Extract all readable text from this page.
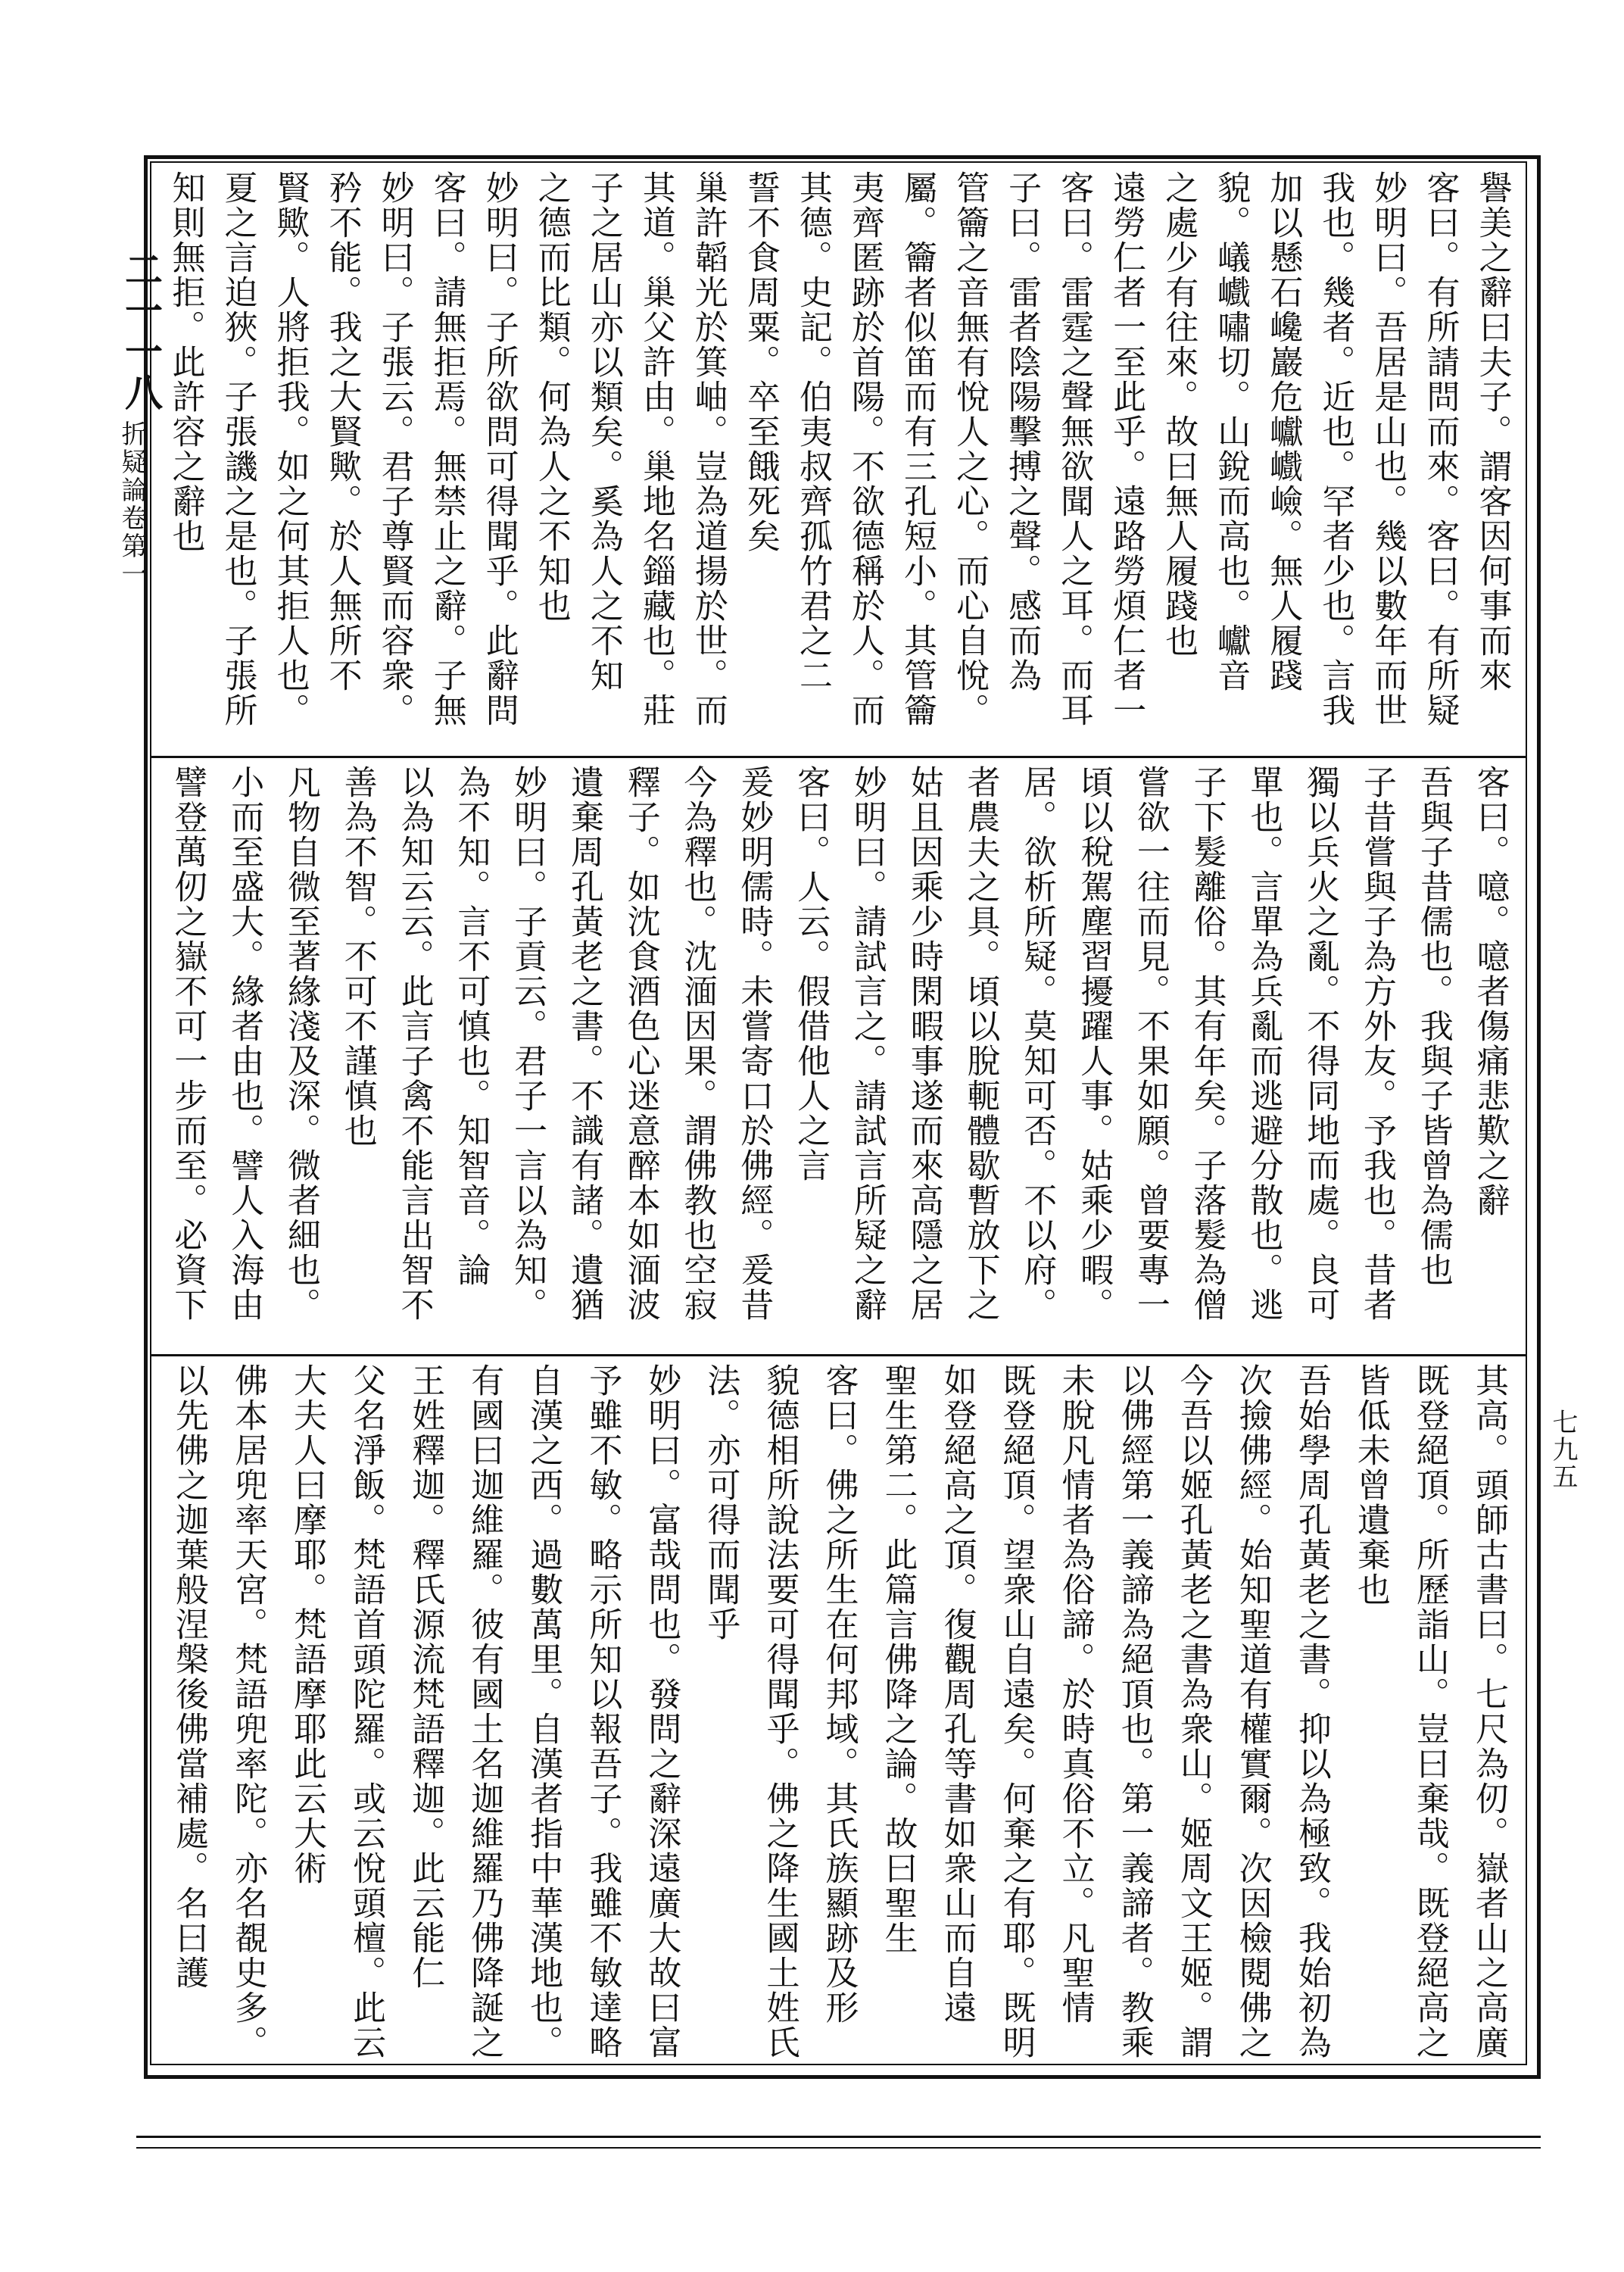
二一一八
折疑論卷第一
七九五
譽美之辭曰夫子。謂客因何事而來
客曰。有所請問而來。客曰。有所疑
妙明曰。吾居是山也。幾以數年而世
我也。幾者。近也。罕者少也。言我
加以懸石巉巖危巘巇嶮。無人履踐
貌。嶬巇嘯切。山銳而高也。巘音
之處少有往來。故曰無人履踐也
遠勞仁者一至此乎。遠路勞煩仁者一
客曰。雷霆之聲無欲聞人之耳。而耳
子曰。雷者陰陽擊搏之聲。感而為
管籥之音無有悅人之心。而心自悅。
屬。籥者似笛而有三孔短小。其管籥
夷齊匿跡於首陽。不欲德稱於人。而
其德。史記。伯夷叔齊孤竹君之二
誓不食周粟。卒至餓死矣
巢許韜光於箕岫。豈為道揚於世。而
其道。巢父許由。巢地名錙藏也。莊
子之居山亦以類矣。奚為人之不知
之德而比類。何為人之不知也
妙明曰。子所欲問可得聞乎。此辭問
客曰。請無拒焉。無禁止之辭。子無
妙明曰。子張云。君子尊賢而容衆。
矜不能。我之大賢歟。於人無所不
賢歟。人將拒我。如之何其拒人也。
夏之言迫狹。子張譏之是也。子張所
知則無拒。此許容之辭也
客曰。噫。噫者傷痛悲歎之辭
吾與子昔儒也。我與子皆曾為儒也
子昔嘗與子為方外友。予我也。昔者
獨以兵火之亂。不得同地而處。良可
單也。言單為兵亂而逃避分散也。逃
子下髮離俗。其有年矣。子落髮為僧
嘗欲一往而見。不果如願。曾要專一
頃以稅駕塵習擾躍人事。姑乘少暇。
居。欲析所疑。莫知可否。不以府。
者農夫之具。頃以脫軛體歇暫放下之
姑且因乘少時閑暇事遂而來高隱之居
妙明曰。請試言之。請試言所疑之辭
客曰。人云。假借他人之言
爰妙明儒時。未嘗寄口於佛經。爰昔
今為釋也。沈湎因果。謂佛教也空寂
釋子。如沈食酒色心迷意醉本如湎波
遺棄周孔黃老之書。不識有諸。遺猶
妙明曰。子貢云。君子一言以為知。
為不知。言不可慎也。知智音。論
以為知云云。此言子禽不能言出智不
善為不智。不可不謹慎也
凡物自微至著緣淺及深。微者細也。
小而至盛大。緣者由也。譬人入海由
譬登萬仞之嶽不可一步而至。必資下
其高。頭師古書曰。七尺為仞。嶽者山之高廣
既登絕頂。所歷詣山。豈曰棄哉。既登絕高之
皆低未曾遺棄也
吾始學周孔黃老之書。抑以為極致。我始初為
次撿佛經。始知聖道有權實爾。次因檢閱佛之
今吾以姬孔黃老之書為衆山。姬周文王姬。謂
以佛經第一義諦為絕頂也。第一義諦者。教乘
未脫凡情者為俗諦。於時真俗不立。凡聖情
既登絕頂。望衆山自遠矣。何棄之有耶。既明
如登絕高之頂。復觀周孔等書如衆山而自遠
聖生第二。此篇言佛降之論。故曰聖生
客曰。佛之所生在何邦域。其氏族顯跡及形
貌德相所說法要可得聞乎。佛之降生國土姓氏
法。亦可得而聞乎
妙明曰。富哉問也。發問之辭深遠廣大故曰富
予雖不敏。略示所知以報吾子。我雖不敏達略
自漢之西。過數萬里。自漢者指中華漢地也。
有國曰迦維羅。彼有國土名迦維羅乃佛降誕之
王姓釋迦。釋氏源流梵語釋迦。此云能仁
父名淨飯。梵語首頭陀羅。或云悅頭檀。此云
大夫人曰摩耶。梵語摩耶此云大術
佛本居兜率天宮。梵語兜率陀。亦名覩史多。
以先佛之迦葉般涅槃後佛當補處。名曰護
